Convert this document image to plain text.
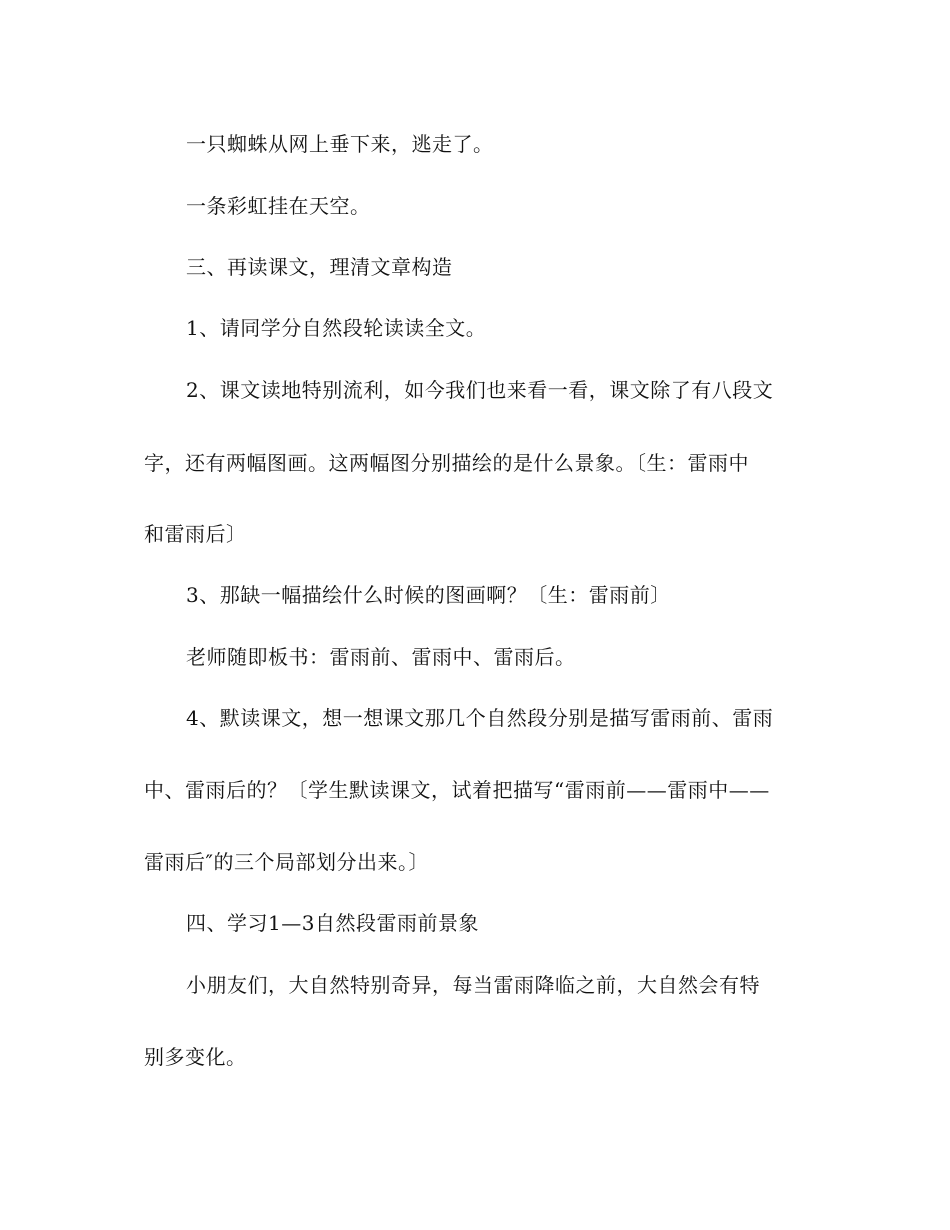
一只蜘蛛从网上垂下来，逃走了。
一条彩虹挂在天空。
三、再读课文，理清文章构造
1、请同学分自然段轮读读全文。
2、课文读地特别流利，如今我们也来看一看，课文除了有八段文
字，还有两幅图画。这两幅图分别描绘的是什么景象。〔生：雷雨中
和雷雨后〕
3、那缺一幅描绘什么时候的图画啊？〔生：雷雨前〕
老师随即板书：雷雨前、雷雨中、雷雨后。
4、默读课文，想一想课文那几个自然段分别是描写雷雨前、雷雨
中、雷雨后的？〔学生默读课文，试着把描写“雷雨前——雷雨中——
雷雨后″的三个局部划分出来。〕
四、学习1—3自然段雷雨前景象
小朋友们，大自然特别奇异，每当雷雨降临之前，大自然会有特
别多变化。
